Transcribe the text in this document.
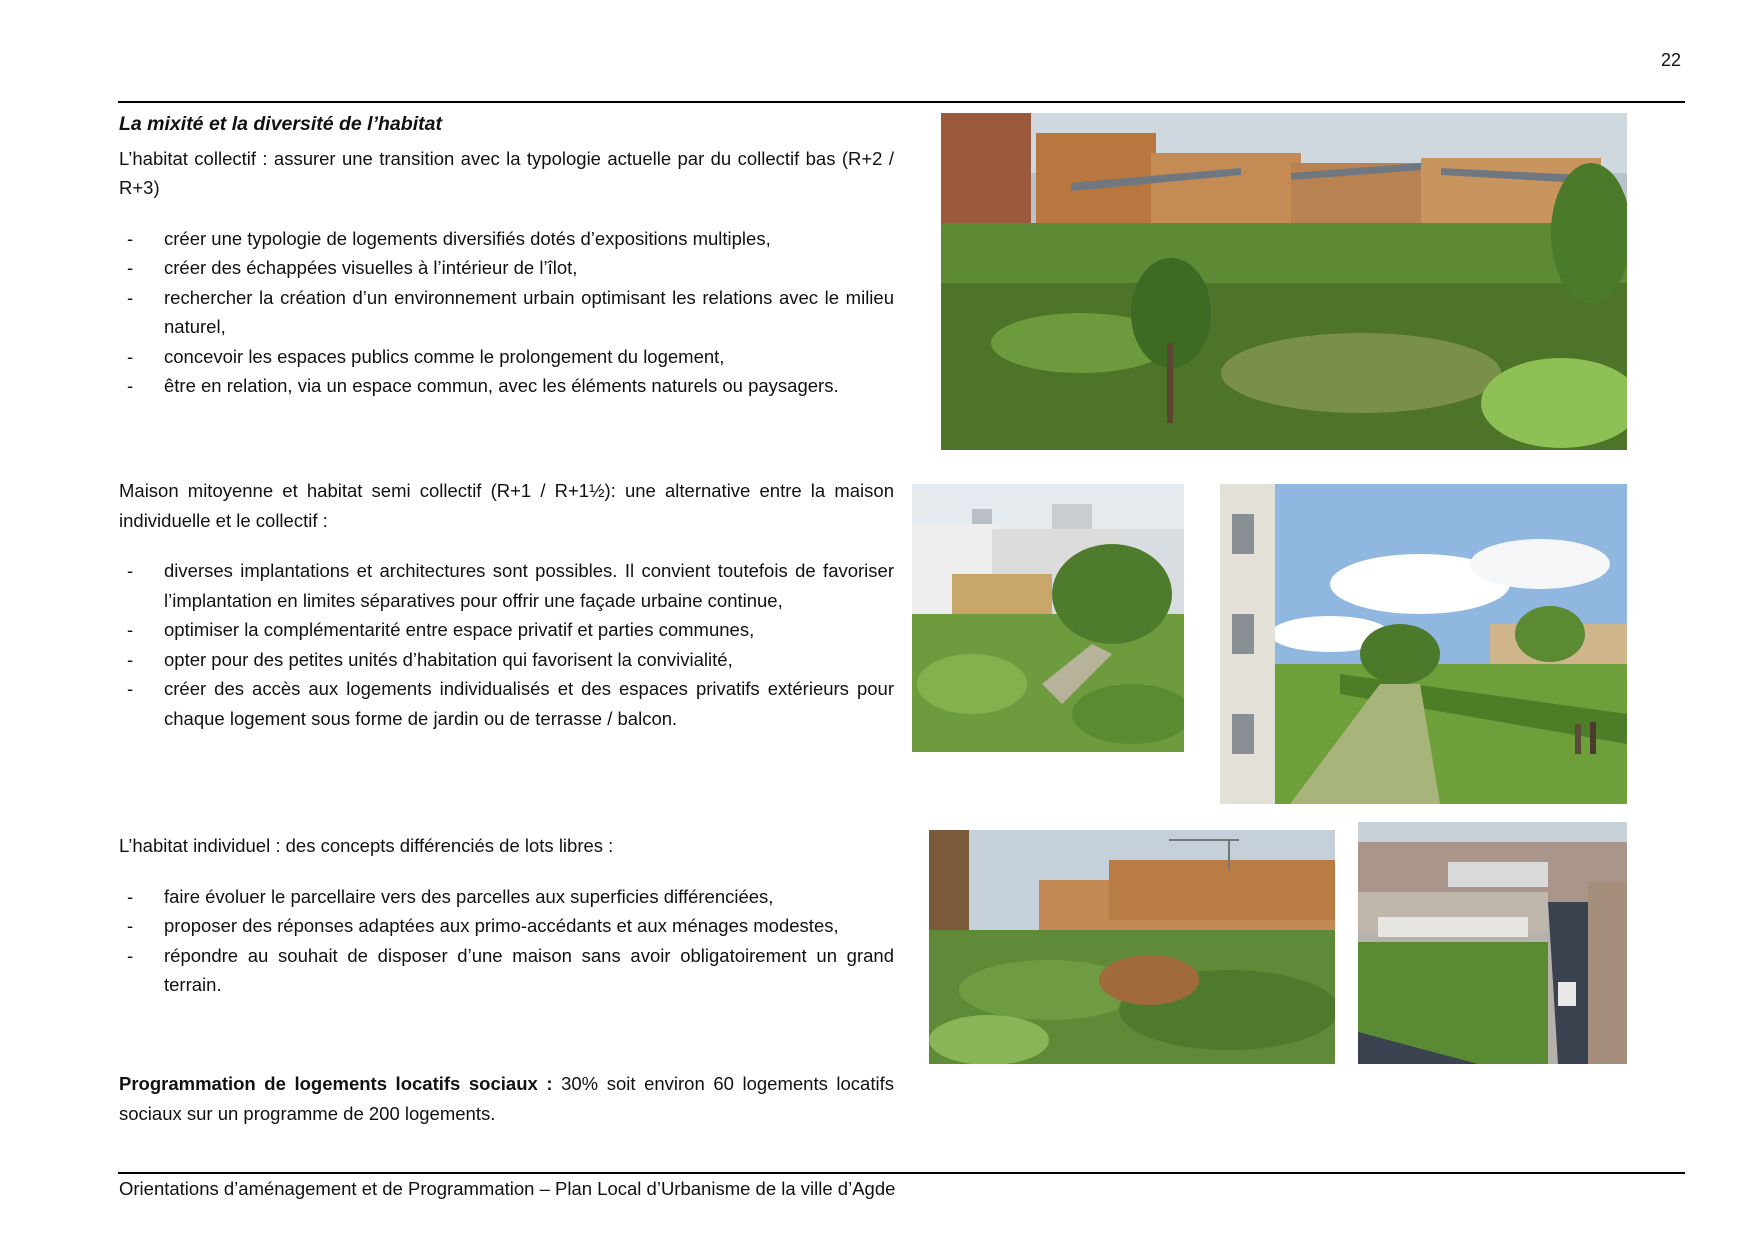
22

La mixité et la diversité de l’habitat

L’habitat collectif : assurer une transition avec la typologie actuelle par du collectif bas (R+2 / R+3)

- créer une typologie de logements diversifiés dotés d’expositions multiples,
- créer des échappées visuelles à l’intérieur de l’îlot,
- rechercher la création d’un environnement urbain optimisant les relations avec le milieu naturel,
- concevoir les espaces publics comme le prolongement du logement,
- être en relation, via un espace commun, avec les éléments naturels ou paysagers.

Maison mitoyenne et habitat semi collectif (R+1 / R+1½): une alternative entre la maison individuelle et le collectif :

- diverses implantations et architectures sont possibles. Il convient toutefois de favoriser l’implantation en limites séparatives pour offrir une façade urbaine continue,
- optimiser la complémentarité entre espace privatif et parties communes,
- opter pour des petites unités d’habitation qui favorisent la convivialité,
- créer des accès aux logements individualisés et des espaces privatifs extérieurs pour chaque logement sous forme de jardin ou de terrasse / balcon.

L’habitat individuel : des concepts différenciés de lots libres :

- faire évoluer le parcellaire vers des parcelles aux superficies différenciées,
- proposer des réponses adaptées aux primo-accédants et aux ménages modestes,
- répondre au souhait de disposer d’une maison sans avoir obligatoirement un grand terrain.

Programmation de logements locatifs sociaux : 30% soit environ 60 logements locatifs sociaux sur un programme de 200 logements.

Orientations d’aménagement et de Programmation – Plan Local d’Urbanisme de la ville d’Agde
